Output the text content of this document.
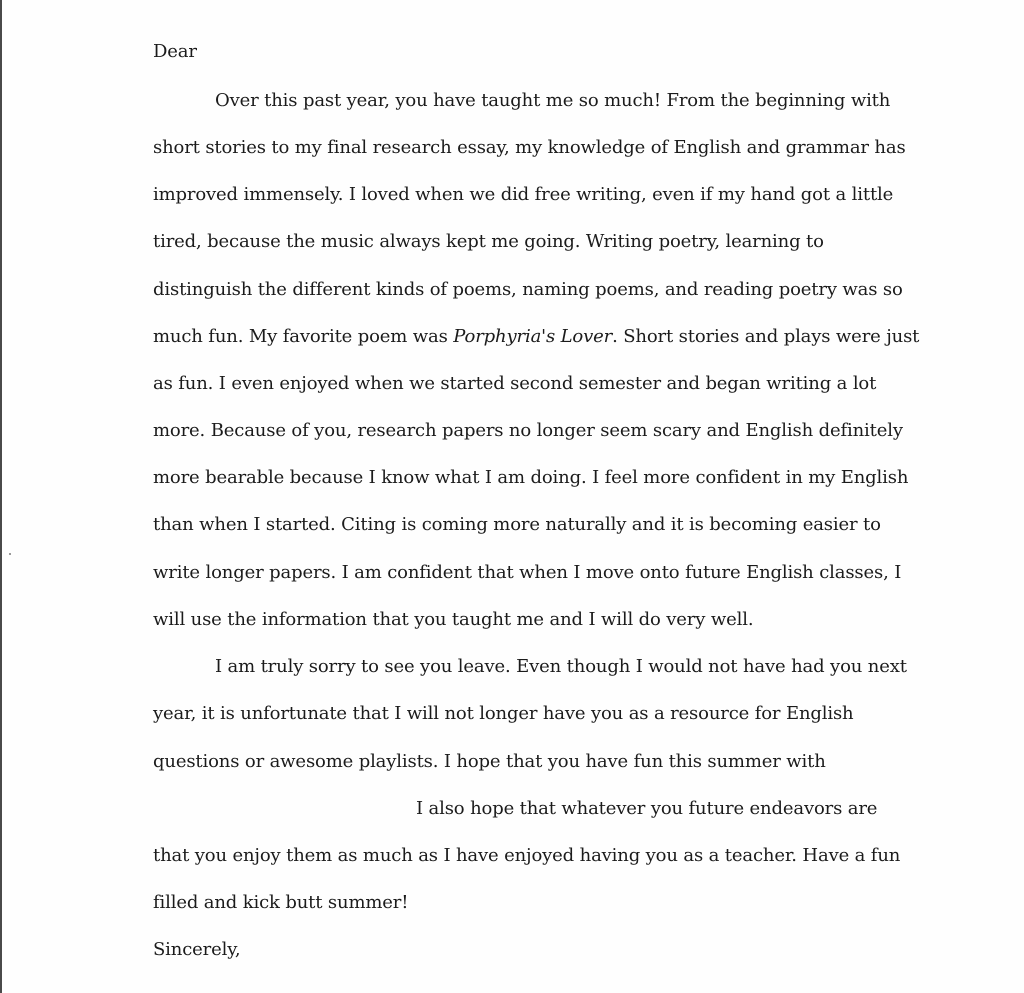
Dear
Over this past year, you have taught me so much! From the beginning with
short stories to my final research essay, my knowledge of English and grammar has
improved immensely. I loved when we did free writing, even if my hand got a little
tired, because the music always kept me going. Writing poetry, learning to
distinguish the different kinds of poems, naming poems, and reading poetry was so
much fun. My favorite poem was Porphyria's Lover. Short stories and plays were just
as fun. I even enjoyed when we started second semester and began writing a lot
more. Because of you, research papers no longer seem scary and English definitely
more bearable because I know what I am doing. I feel more confident in my English
than when I started. Citing is coming more naturally and it is becoming easier to
write longer papers. I am confident that when I move onto future English classes, I
will use the information that you taught me and I will do very well.
I am truly sorry to see you leave. Even though I would not have had you next
year, it is unfortunate that I will not longer have you as a resource for English
questions or awesome playlists. I hope that you have fun this summer with
I also hope that whatever you future endeavors are
that you enjoy them as much as I have enjoyed having you as a teacher. Have a fun
filled and kick butt summer!
Sincerely,
